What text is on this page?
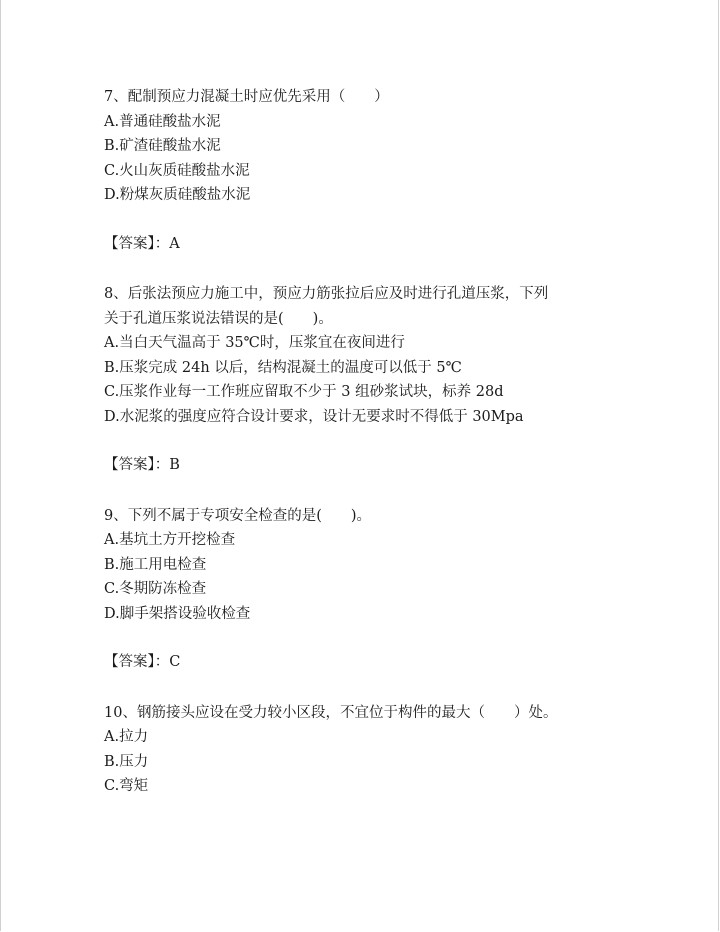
7、配制预应力混凝土时应优先采用（　　）
A.普通硅酸盐水泥
B.矿渣硅酸盐水泥
C.火山灰质硅酸盐水泥
D.粉煤灰质硅酸盐水泥
【答案】：A
8、后张法预应力施工中，预应力筋张拉后应及时进行孔道压浆，下列
关于孔道压浆说法错误的是(　　)。
A.当白天气温高于 35℃时，压浆宜在夜间进行
B.压浆完成 24h 以后，结构混凝土的温度可以低于 5℃
C.压浆作业每一工作班应留取不少于 3 组砂浆试块，标养 28d
D.水泥浆的强度应符合设计要求，设计无要求时不得低于 30Mpa
【答案】：B
9、下列不属于专项安全检查的是(　　)。
A.基坑土方开挖检查
B.施工用电检查
C.冬期防冻检查
D.脚手架搭设验收检查
【答案】：C
10、钢筋接头应设在受力较小区段，不宜位于构件的最大（　　）处。
A.拉力
B.压力
C.弯矩
